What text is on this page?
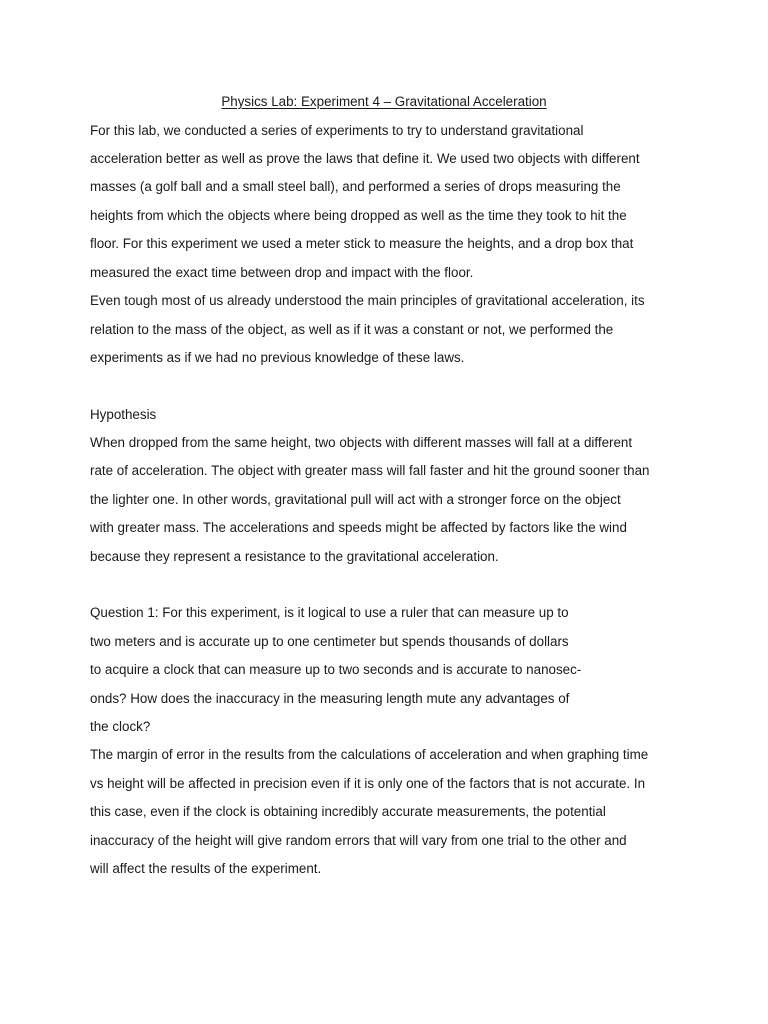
Physics Lab: Experiment 4 – Gravitational Acceleration
For this lab, we conducted a series of experiments to try to understand gravitational
acceleration better as well as prove the laws that define it. We used two objects with different
masses (a golf ball and a small steel ball), and performed a series of drops measuring the
heights from which the objects where being dropped as well as the time they took to hit the
floor. For this experiment we used a meter stick to measure the heights, and a drop box that
measured the exact time between drop and impact with the floor.
Even tough most of us already understood the main principles of gravitational acceleration, its
relation to the mass of the object, as well as if it was a constant or not, we performed the
experiments as if we had no previous knowledge of these laws.
Hypothesis
When dropped from the same height, two objects with different masses will fall at a different
rate of acceleration. The object with greater mass will fall faster and hit the ground sooner than
the lighter one. In other words, gravitational pull will act with a stronger force on the object
with greater mass. The accelerations and speeds might be affected by factors like the wind
because they represent a resistance to the gravitational acceleration.
Question 1: For this experiment, is it logical to use a ruler that can measure up to
two meters and is accurate up to one centimeter but spends thousands of dollars
to acquire a clock that can measure up to two seconds and is accurate to nanosec-
onds? How does the inaccuracy in the measuring length mute any advantages of
the clock?
The margin of error in the results from the calculations of acceleration and when graphing time
vs height will be affected in precision even if it is only one of the factors that is not accurate. In
this case, even if the clock is obtaining incredibly accurate measurements, the potential
inaccuracy of the height will give random errors that will vary from one trial to the other and
will affect the results of the experiment.
